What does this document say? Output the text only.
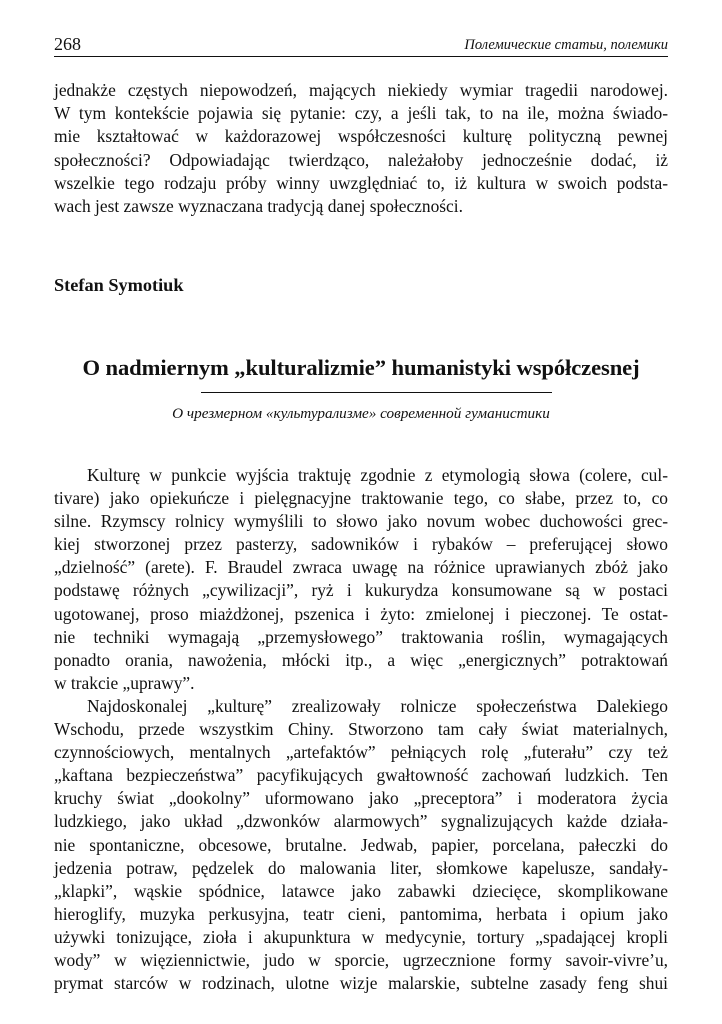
268	Полемические статьи, полемики
jednakże częstych niepowodzeń, mających niekiedy wymiar tragedii narodowej.
W tym kontekście pojawia się pytanie: czy, a jeśli tak, to na ile, można świado-
mie kształtować w każdorazowej współczesności kulturę polityczną pewnej
społeczności? Odpowiadając twierdząco, należałoby jednocześnie dodać, iż
wszelkie tego rodzaju próby winny uwzględniać to, iż kultura w swoich podsta-
wach jest zawsze wyznaczana tradycją danej społeczności.
Stefan Symotiuk
O nadmiernym „kulturalizmie” humanistyki współczesnej
О чрезмерном «культурализме» современной гуманистики
Kulturę w punkcie wyjścia traktuję zgodnie z etymologią słowa (colere, cul-
tivare) jako opiekuńcze i pielęgnacyjne traktowanie tego, co słabe, przez to, co
silne. Rzymscy rolnicy wymyślili to słowo jako novum wobec duchowości grec-
kiej stworzonej przez pasterzy, sadowników i rybaków – preferującej słowo
„dzielność” (arete). F. Braudel zwraca uwagę na różnice uprawianych zbóż jako
podstawę różnych „cywilizacji”, ryż i kukurydza konsumowane są w postaci
ugotowanej, proso miażdżonej, pszenica i żyto: zmielonej i pieczonej. Te ostat-
nie techniki wymagają „przemysłowego” traktowania roślin, wymagających
ponadto orania, nawożenia, młócki itp., a więc „energicznych” potraktowań
w trakcie „uprawy”.
Najdoskonalej „kulturę” zrealizowały rolnicze społeczeństwa Dalekiego
Wschodu, przede wszystkim Chiny. Stworzono tam cały świat materialnych,
czynnościowych, mentalnych „artefaktów” pełniących rolę „futerału” czy też
„kaftana bezpieczeństwa” pacyfikujących gwałtowność zachowań ludzkich. Ten
kruchy świat „dookolny” uformowano jako „preceptora” i moderatora życia
ludzkiego, jako układ „dzwonków alarmowych” sygnalizujących każde działa-
nie spontaniczne, obcesowe, brutalne. Jedwab, papier, porcelana, pałeczki do
jedzenia potraw, pędzelek do malowania liter, słomkowe kapelusze, sandały-
„klapki”, wąskie spódnice, latawce jako zabawki dziecięce, skomplikowane
hieroglify, muzyka perkusyjna, teatr cieni, pantomima, herbata i opium jako
używki tonizujące, zioła i akupunktura w medycynie, tortury „spadającej kropli
wody” w więziennictwie, judo w sporcie, ugrzecznione formy savoir-vivre’u,
prymat starców w rodzinach, ulotne wizje malarskie, subtelne zasady feng shui
